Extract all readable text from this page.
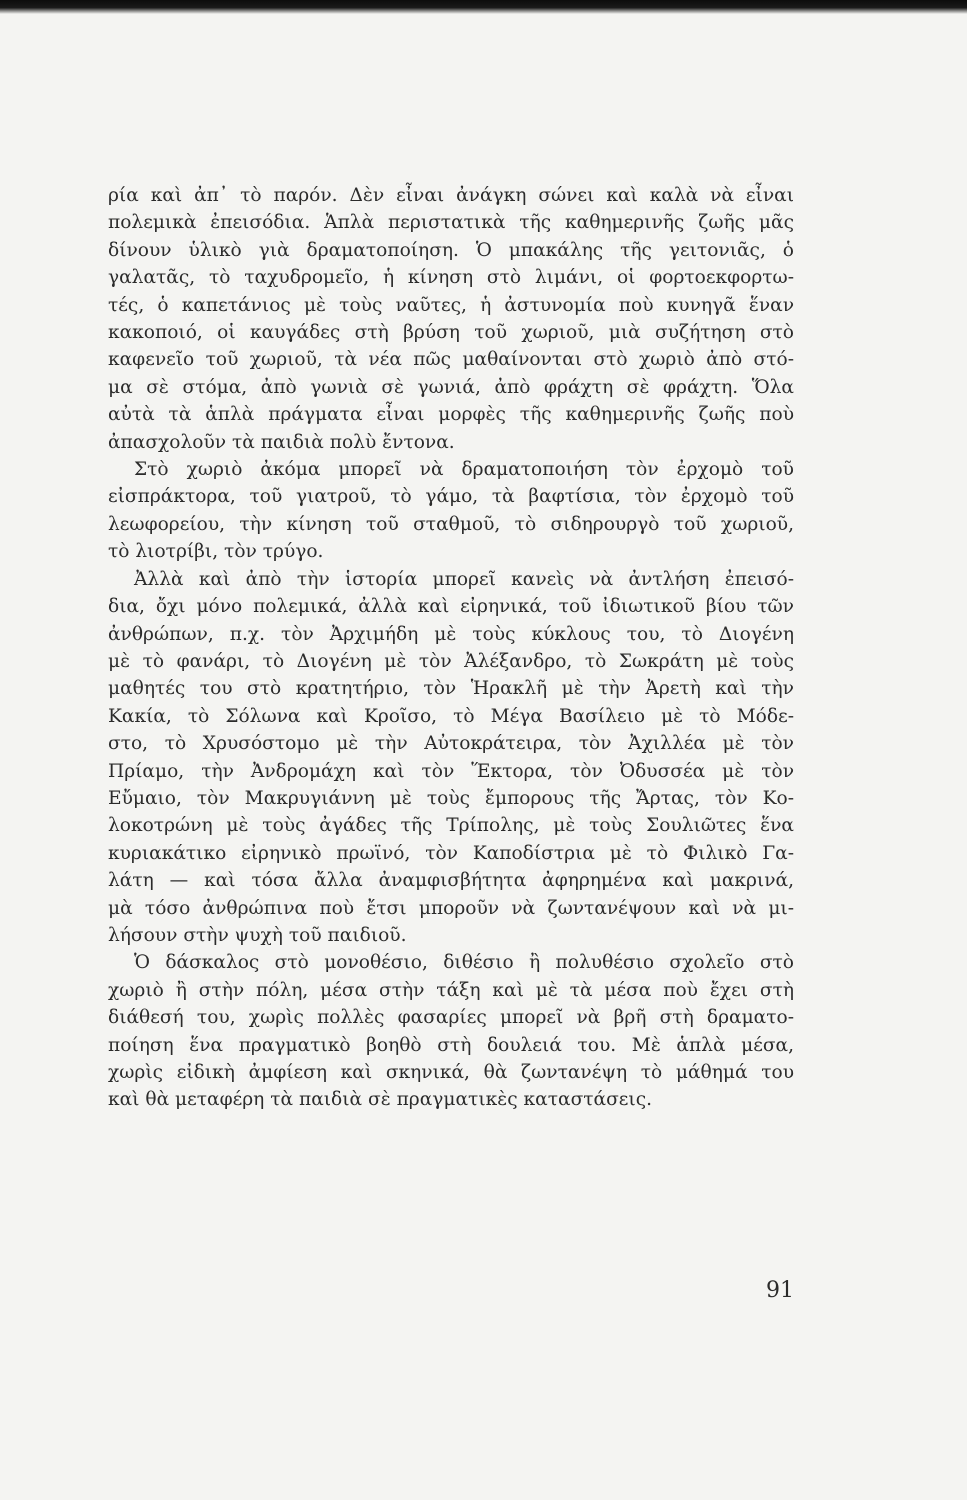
ρία καὶ ἀπ᾿ τὸ παρόν. Δὲν εἶναι ἀνάγκη σώνει καὶ καλὰ νὰ εἶναι
πολεμικὰ ἐπεισόδια. Ἁπλὰ περιστατικὰ τῆς καθημερινῆς ζωῆς μᾶς
δίνουν ὑλικὸ γιὰ δραματοποίηση. Ὁ μπακάλης τῆς γειτονιᾶς, ὁ
γαλατᾶς, τὸ ταχυδρομεῖο, ἡ κίνηση στὸ λιμάνι, οἱ φορτοεκφορτω-
τές, ὁ καπετάνιος μὲ τοὺς ναῦτες, ἡ ἀστυνομία ποὺ κυνηγᾶ ἕναν
κακοποιό, οἱ καυγάδες στὴ βρύση τοῦ χωριοῦ, μιὰ συζήτηση στὸ
καφενεῖο τοῦ χωριοῦ, τὰ νέα πῶς μαθαίνονται στὸ χωριὸ ἀπὸ στό-
μα σὲ στόμα, ἀπὸ γωνιὰ σὲ γωνιά, ἀπὸ φράχτη σὲ φράχτη. Ὅλα
αὐτὰ τὰ ἁπλὰ πράγματα εἶναι μορφὲς τῆς καθημερινῆς ζωῆς ποὺ
ἀπασχολοῦν τὰ παιδιὰ πολὺ ἔντονα.

Στὸ χωριὸ ἀκόμα μπορεῖ νὰ δραματοποιήση τὸν ἐρχομὸ τοῦ
εἰσπράκτορα, τοῦ γιατροῦ, τὸ γάμο, τὰ βαφτίσια, τὸν ἐρχομὸ τοῦ
λεωφορείου, τὴν κίνηση τοῦ σταθμοῦ, τὸ σιδηρουργὸ τοῦ χωριοῦ,
τὸ λιοτρίβι, τὸν τρύγο.

Ἀλλὰ καὶ ἀπὸ τὴν ἱστορία μπορεῖ κανεὶς νὰ ἀντλήση ἐπεισό-
δια, ὄχι μόνο πολεμικά, ἀλλὰ καὶ εἰρηνικά, τοῦ ἰδιωτικοῦ βίου τῶν
ἀνθρώπων, π.χ. τὸν Ἀρχιμήδη μὲ τοὺς κύκλους του, τὸ Διογένη
μὲ τὸ φανάρι, τὸ Διογένη μὲ τὸν Ἀλέξανδρο, τὸ Σωκράτη μὲ τοὺς
μαθητές του στὸ κρατητήριο, τὸν Ἡρακλῆ μὲ τὴν Ἀρετὴ καὶ τὴν
Κακία, τὸ Σόλωνα καὶ Κροῖσο, τὸ Μέγα Βασίλειο μὲ τὸ Μόδε-
στο, τὸ Χρυσόστομο μὲ τὴν Αὐτοκράτειρα, τὸν Ἀχιλλέα μὲ τὸν
Πρίαμο, τὴν Ἀνδρομάχη καὶ τὸν Ἕκτορα, τὸν Ὀδυσσέα μὲ τὸν
Εὔμαιο, τὸν Μακρυγιάννη μὲ τοὺς ἔμπορους τῆς Ἄρτας, τὸν Κο-
λοκοτρώνη μὲ τοὺς ἀγάδες τῆς Τρίπολης, μὲ τοὺς Σουλιῶτες ἕνα
κυριακάτικο εἰρηνικὸ πρωϊνό, τὸν Καποδίστρια μὲ τὸ Φιλικὸ Γα-
λάτη — καὶ τόσα ἄλλα ἀναμφισβήτητα ἀφηρημένα καὶ μακρινά,
μὰ τόσο ἀνθρώπινα ποὺ ἔτσι μποροῦν νὰ ζωντανέψουν καὶ νὰ μι-
λήσουν στὴν ψυχὴ τοῦ παιδιοῦ.

Ὁ δάσκαλος στὸ μονοθέσιο, διθέσιο ἢ πολυθέσιο σχολεῖο στὸ
χωριὸ ἢ στὴν πόλη, μέσα στὴν τάξη καὶ μὲ τὰ μέσα ποὺ ἔχει στὴ
διάθεσή του, χωρὶς πολλὲς φασαρίες μπορεῖ νὰ βρῆ στὴ δραματο-
ποίηση ἕνα πραγματικὸ βοηθὸ στὴ δουλειά του. Μὲ ἁπλὰ μέσα,
χωρὶς εἰδικὴ ἀμφίεση καὶ σκηνικά, θὰ ζωντανέψη τὸ μάθημά του
καὶ θὰ μεταφέρη τὰ παιδιὰ σὲ πραγματικὲς καταστάσεις.

91
